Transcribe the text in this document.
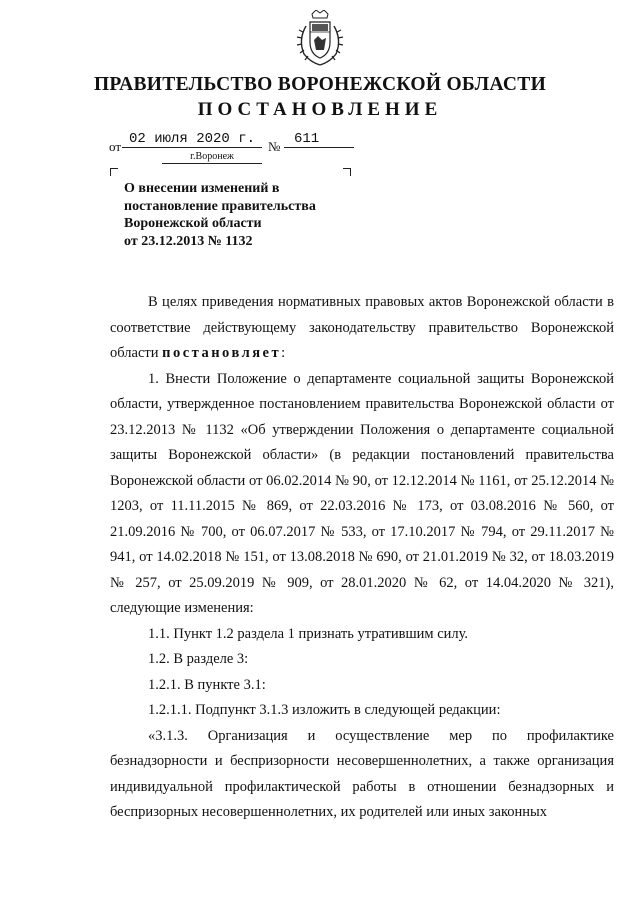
ПРАВИТЕЛЬСТВО ВОРОНЕЖСКОЙ ОБЛАСТИ
ПОСТАНОВЛЕНИЕ
от 02 июля 2020 г. № 611
г.Воронеж
О внесении изменений в
постановление правительства
Воронежской области
от 23.12.2013 № 1132

В целях приведения нормативных правовых актов Воронежской области в соответствие действующему законодательству правительство Воронежской области постановляет:

1. Внести Положение о департаменте социальной защиты Воронежской области, утвержденное постановлением правительства Воронежской области от 23.12.2013 № 1132 «Об утверждении Положения о департаменте социальной защиты Воронежской области» (в редакции постановлений правительства Воронежской области от 06.02.2014 № 90, от 12.12.2014 № 1161, от 25.12.2014 № 1203, от 11.11.2015 № 869, от 22.03.2016 № 173, от 03.08.2016 № 560, от 21.09.2016 № 700, от 06.07.2017 № 533, от 17.10.2017 № 794, от 29.11.2017 № 941, от 14.02.2018 № 151, от 13.08.2018 № 690, от 21.01.2019 № 32, от 18.03.2019 № 257, от 25.09.2019 № 909, от 28.01.2020 № 62, от 14.04.2020 № 321), следующие изменения:

1.1. Пункт 1.2 раздела 1 признать утратившим силу.

1.2. В разделе 3:

1.2.1. В пункте 3.1:

1.2.1.1. Подпункт 3.1.3 изложить в следующей редакции:

«3.1.3. Организация и осуществление мер по профилактике безнадзорности и беспризорности несовершеннолетних, а также организация индивидуальной профилактической работы в отношении безнадзорных и беспризорных несовершеннолетних, их родителей или иных законных
